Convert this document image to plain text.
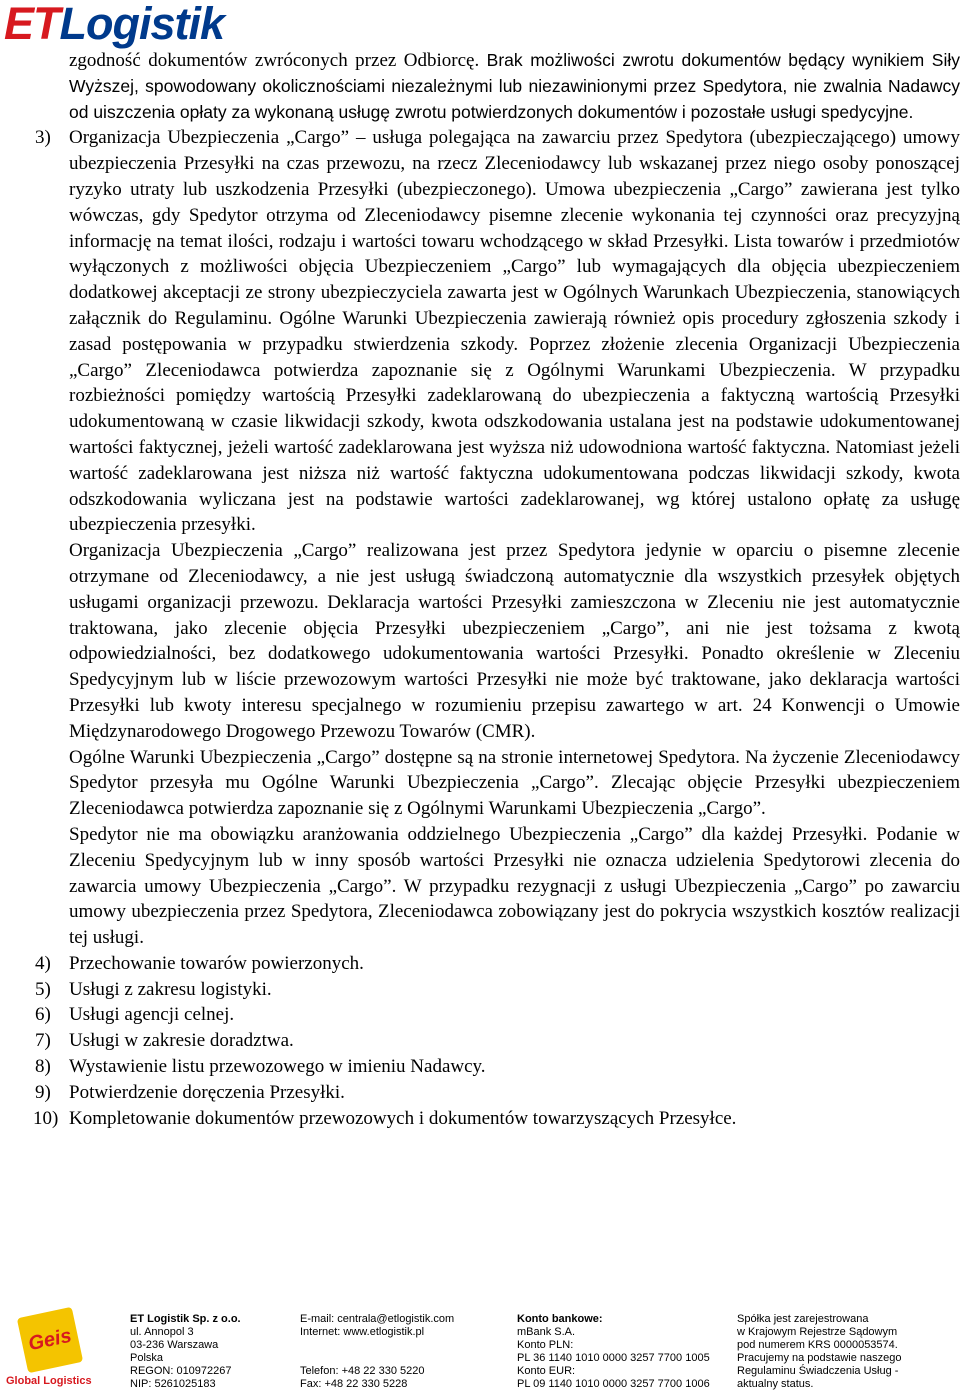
ETLogistik
zgodność dokumentów zwróconych przez Odbiorcę. Brak możliwości zwrotu dokumentów będący wynikiem Siły Wyższej, spowodowany okolicznościami niezależnymi lub niezawinionymi przez Spedytora, nie zwalnia Nadawcy od uiszczenia opłaty za wykonaną usługę zwrotu potwierdzonych dokumentów i pozostałe usługi spedycyjne.
3) Organizacja Ubezpieczenia „Cargo” – usługa polegająca na zawarciu przez Spedytora (ubezpieczającego) umowy ubezpieczenia Przesyłki na czas przewozu, na rzecz Zleceniodawcy lub wskazanej przez niego osoby ponoszącej ryzyko utraty lub uszkodzenia Przesyłki (ubezpieczonego). Umowa ubezpieczenia „Cargo” zawierana jest tylko wówczas, gdy Spedytor otrzyma od Zleceniodawcy pisemne zlecenie wykonania tej czynności oraz precyzyjną informację na temat ilości, rodzaju i wartości towaru wchodzącego w skład Przesyłki. Lista towarów i przedmiotów wyłączonych z możliwości objęcia Ubezpieczeniem „Cargo” lub wymagających dla objęcia ubezpieczeniem dodatkowej akceptacji ze strony ubezpieczyciela zawarta jest w Ogólnych Warunkach Ubezpieczenia, stanowiących załącznik do Regulaminu. Ogólne Warunki Ubezpieczenia zawierają również opis procedury zgłoszenia szkody i zasad postępowania w przypadku stwierdzenia szkody. Poprzez złożenie zlecenia Organizacji Ubezpieczenia „Cargo” Zleceniodawca potwierdza zapoznanie się z Ogólnymi Warunkami Ubezpieczenia. W przypadku rozbieżności pomiędzy wartością Przesyłki zadeklarowaną do ubezpieczenia a faktyczną wartością Przesyłki udokumentowaną w czasie likwidacji szkody, kwota odszkodowania ustalana jest na podstawie udokumentowanej wartości faktycznej, jeżeli wartość zadeklarowana jest wyższa niż udowodniona wartość faktyczna. Natomiast jeżeli wartość zadeklarowana jest niższa niż wartość faktyczna udokumentowana podczas likwidacji szkody, kwota odszkodowania wyliczana jest na podstawie wartości zadeklarowanej, wg której ustalono opłatę za usługę ubezpieczenia przesyłki.
Organizacja Ubezpieczenia „Cargo” realizowana jest przez Spedytora jedynie w oparciu o pisemne zlecenie otrzymane od Zleceniodawcy, a nie jest usługą świadczoną automatycznie dla wszystkich przesyłek objętych usługami organizacji przewozu. Deklaracja wartości Przesyłki zamieszczona w Zleceniu nie jest automatycznie traktowana, jako zlecenie objęcia Przesyłki ubezpieczeniem „Cargo”, ani nie jest tożsama z kwotą odpowiedzialności, bez dodatkowego udokumentowania wartości Przesyłki. Ponadto określenie w Zleceniu Spedycyjnym lub w liście przewozowym wartości Przesyłki nie może być traktowane, jako deklaracja wartości Przesyłki lub kwoty interesu specjalnego w rozumieniu przepisu zawartego w art. 24 Konwencji o Umowie Międzynarodowego Drogowego Przewozu Towarów (CMR).
Ogólne Warunki Ubezpieczenia „Cargo” dostępne są na stronie internetowej Spedytora. Na życzenie Zleceniodawcy Spedytor przesyła mu Ogólne Warunki Ubezpieczenia „Cargo”. Zlecając objęcie Przesyłki ubezpieczeniem Zleceniodawca potwierdza zapoznanie się z Ogólnymi Warunkami Ubezpieczenia „Cargo”.
Spedytor nie ma obowiązku aranżowania oddzielnego Ubezpieczenia „Cargo” dla każdej Przesyłki. Podanie w Zleceniu Spedycyjnym lub w inny sposób wartości Przesyłki nie oznacza udzielenia Spedytorowi zlecenia do zawarcia umowy Ubezpieczenia „Cargo”. W przypadku rezygnacji z usługi Ubezpieczenia „Cargo” po zawarciu umowy ubezpieczenia przez Spedytora, Zleceniodawca zobowiązany jest do pokrycia wszystkich kosztów realizacji tej usługi.
4) Przechowanie towarów powierzonych.
5) Usługi z zakresu logistyki.
6) Usługi agencji celnej.
7) Usługi w zakresie doradztwa.
8) Wystawienie listu przewozowego w imieniu Nadawcy.
9) Potwierdzenie doręczenia Przesyłki.
10) Kompletowanie dokumentów przewozowych i dokumentów towarzyszących Przesyłce.
Geis
Global Logistics
ET Logistik Sp. z o.o.
ul. Annopol 3
03-236 Warszawa
Polska
REGON: 010972267
NIP: 5261025183
E-mail: centrala@etlogistik.com
Internet: www.etlogistik.pl
Telefon: +48 22 330 5220
Fax: +48 22 330 5228
Konto bankowe:
mBank S.A.
Konto PLN:
PL 36 1140 1010 0000 3257 7700 1005
Konto EUR:
PL 09 1140 1010 0000 3257 7700 1006
Spółka jest zarejestrowana
w Krajowym Rejestrze Sądowym
pod numerem KRS 0000053574.
Pracujemy na podstawie naszego
Regulaminu Świadczenia Usług -
aktualny status.
